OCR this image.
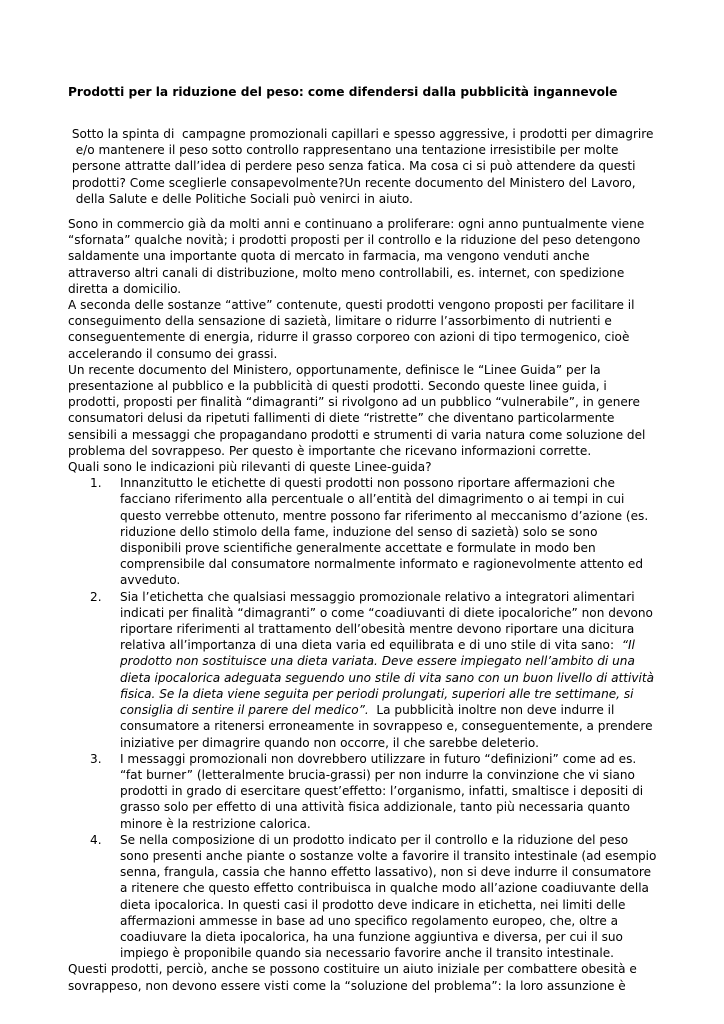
Prodotti per la riduzione del peso: come difendersi dalla pubblicità ingannevole
Sotto la spinta di  campagne promozionali capillari e spesso aggressive, i prodotti per dimagrire
e/o mantenere il peso sotto controllo rappresentano una tentazione irresistibile per molte
persone attratte dall’idea di perdere peso senza fatica. Ma cosa ci si può attendere da questi
prodotti? Come sceglierle consapevolmente?Un recente documento del Ministero del Lavoro,
della Salute e delle Politiche Sociali può venirci in aiuto.
Sono in commercio già da molti anni e continuano a proliferare: ogni anno puntualmente viene
“sfornata” qualche novità; i prodotti proposti per il controllo e la riduzione del peso detengono
saldamente una importante quota di mercato in farmacia, ma vengono venduti anche
attraverso altri canali di distribuzione, molto meno controllabili, es. internet, con spedizione
diretta a domicilio.
A seconda delle sostanze “attive” contenute, questi prodotti vengono proposti per facilitare il
conseguimento della sensazione di sazietà, limitare o ridurre l’assorbimento di nutrienti e
conseguentemente di energia, ridurre il grasso corporeo con azioni di tipo termogenico, cioè
accelerando il consumo dei grassi.
Un recente documento del Ministero, opportunamente, definisce le “Linee Guida” per la
presentazione al pubblico e la pubblicità di questi prodotti. Secondo queste linee guida, i
prodotti, proposti per finalità “dimagranti” si rivolgono ad un pubblico “vulnerabile”, in genere
consumatori delusi da ripetuti fallimenti di diete “ristrette” che diventano particolarmente
sensibili a messaggi che propagandano prodotti e strumenti di varia natura come soluzione del
problema del sovrappeso. Per questo è importante che ricevano informazioni corrette.
Quali sono le indicazioni più rilevanti di queste Linee-guida?
1. Innanzitutto le etichette di questi prodotti non possono riportare affermazioni che
facciano riferimento alla percentuale o all’entità del dimagrimento o ai tempi in cui
questo verrebbe ottenuto, mentre possono far riferimento al meccanismo d’azione (es.
riduzione dello stimolo della fame, induzione del senso di sazietà) solo se sono
disponibili prove scientifiche generalmente accettate e formulate in modo ben
comprensibile dal consumatore normalmente informato e ragionevolmente attento ed
avveduto.
2. Sia l’etichetta che qualsiasi messaggio promozionale relativo a integratori alimentari
indicati per finalità “dimagranti” o come “coadiuvanti di diete ipocaloriche” non devono
riportare riferimenti al trattamento dell’obesità mentre devono riportare una dicitura
relativa all’importanza di una dieta varia ed equilibrata e di uno stile di vita sano:  “Il
prodotto non sostituisce una dieta variata. Deve essere impiegato nell’ambito di una
dieta ipocalorica adeguata seguendo uno stile di vita sano con un buon livello di attività
fisica. Se la dieta viene seguita per periodi prolungati, superiori alle tre settimane, si
consiglia di sentire il parere del medico”.  La pubblicità inoltre non deve indurre il
consumatore a ritenersi erroneamente in sovrappeso e, conseguentemente, a prendere
iniziative per dimagrire quando non occorre, il che sarebbe deleterio.
3. I messaggi promozionali non dovrebbero utilizzare in futuro “definizioni” come ad es.
“fat burner” (letteralmente brucia-grassi) per non indurre la convinzione che vi siano
prodotti in grado di esercitare quest’effetto: l’organismo, infatti, smaltisce i depositi di
grasso solo per effetto di una attività fisica addizionale, tanto più necessaria quanto
minore è la restrizione calorica.
4. Se nella composizione di un prodotto indicato per il controllo e la riduzione del peso
sono presenti anche piante o sostanze volte a favorire il transito intestinale (ad esempio
senna, frangula, cassia che hanno effetto lassativo), non si deve indurre il consumatore
a ritenere che questo effetto contribuisca in qualche modo all’azione coadiuvante della
dieta ipocalorica. In questi casi il prodotto deve indicare in etichetta, nei limiti delle
affermazioni ammesse in base ad uno specifico regolamento europeo, che, oltre a
coadiuvare la dieta ipocalorica, ha una funzione aggiuntiva e diversa, per cui il suo
impiego è proponibile quando sia necessario favorire anche il transito intestinale.
Questi prodotti, perciò, anche se possono costituire un aiuto iniziale per combattere obesità e
sovrappeso, non devono essere visti come la “soluzione del problema”: la loro assunzione è
